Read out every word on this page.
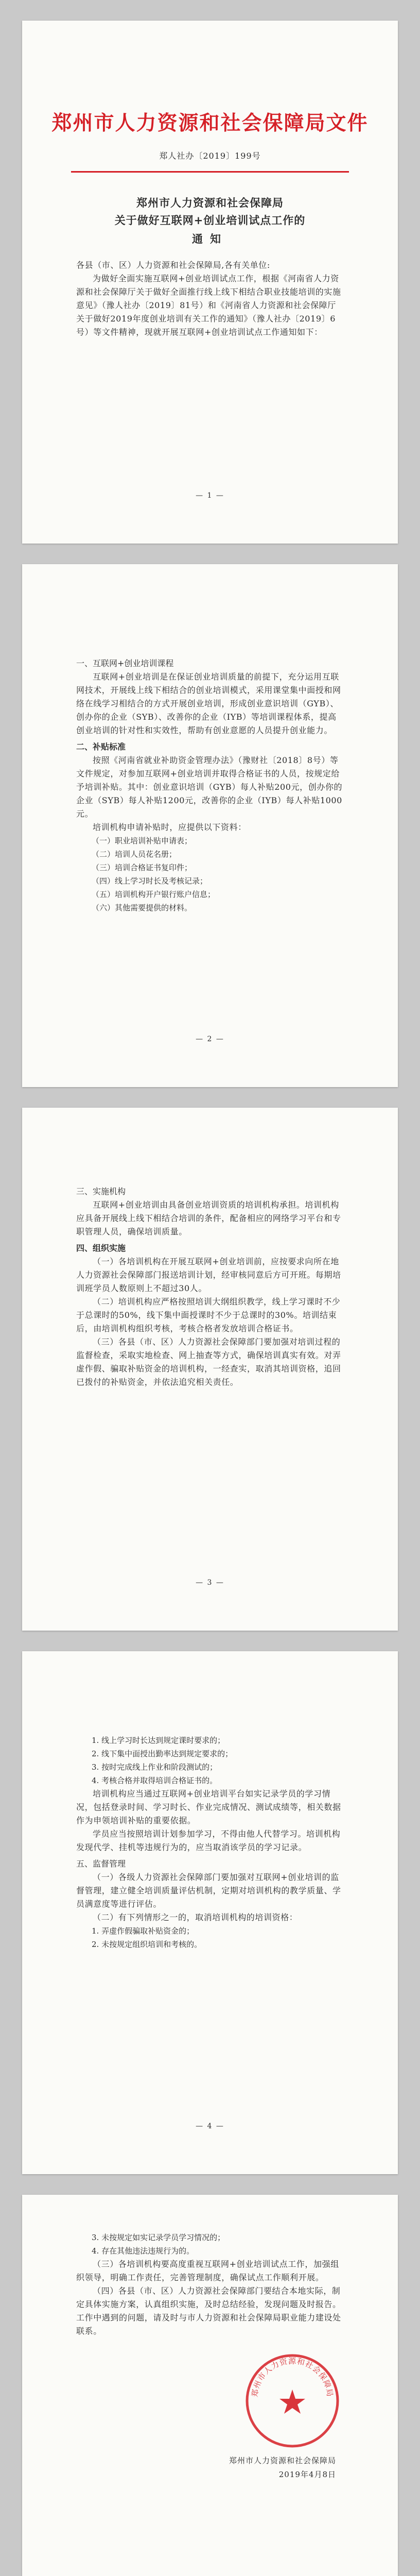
郑州市人力资源和社会保障局文件
郑人社办〔2019〕199号
郑州市人力资源和社会保障局
关于做好互联网+创业培训试点工作的
通知

各县（市、区）人力资源和社会保障局,各有关单位:

为做好全面实施互联网+创业培训试点工作，根据《河南省人力资源和社会保障厅关于做好全面推行线上线下相结合职业技能培训的实施意见》（豫人社办〔2019〕81号）和《河南省人力资源和社会保障厅关于做好2019年度创业培训有关工作的通知》（豫人社办〔2019〕6号）等文件精神，现就开展互联网+创业培训试点工作通知如下：

— 1 —

一、互联网+创业培训课程

互联网+创业培训是在保证创业培训质量的前提下，充分运用互联网技术，开展线上线下相结合的创业培训模式，采用课堂集中面授和网络在线学习相结合的方式开展创业培训，形成创业意识培训（GYB）、创办你的企业（SYB）、改善你的企业（IYB）等培训课程体系，提高创业培训的针对性和实效性，帮助有创业意愿的人员提升创业能力。

二、补贴标准

按照《河南省就业补助资金管理办法》（豫财社〔2018〕8号）等文件规定，对参加互联网+创业培训并取得合格证书的人员，按规定给予培训补贴。其中：创业意识培训（GYB）每人补贴200元，创办你的企业（SYB）每人补贴1200元，改善你的企业（IYB）每人补贴1000元。

培训机构申请补贴时，应提供以下资料：

（一）职业培训补贴申请表；

（二）培训人员花名册；

（三）培训合格证书复印件；

（四）线上学习时长及考核记录；

（五）培训机构开户银行账户信息；

（六）其他需要提供的材料。

— 2 —

三、实施机构

互联网+创业培训由具备创业培训资质的培训机构承担。培训机构应具备开展线上线下相结合培训的条件，配备相应的网络学习平台和专职管理人员，确保培训质量。

四、组织实施

（一）各培训机构在开展互联网+创业培训前，应按要求向所在地人力资源社会保障部门报送培训计划，经审核同意后方可开班。每期培训班学员人数原则上不超过30人。

（二）培训机构应严格按照培训大纲组织教学，线上学习课时不少于总课时的50%，线下集中面授课时不少于总课时的30%。培训结束后，由培训机构组织考核，考核合格者发放培训合格证书。

（三）各县（市、区）人力资源社会保障部门要加强对培训过程的监督检查，采取实地检查、网上抽查等方式，确保培训真实有效。对弄虚作假、骗取补贴资金的培训机构，一经查实，取消其培训资格，追回已拨付的补贴资金，并依法追究相关责任。

— 3 —

1. 线上学习时长达到规定课时要求的；

2. 线下集中面授出勤率达到规定要求的；

3. 按时完成线上作业和阶段测试的；

4. 考核合格并取得培训合格证书的。

培训机构应当通过互联网+创业培训平台如实记录学员的学习情况，包括登录时间、学习时长、作业完成情况、测试成绩等，相关数据作为申领培训补贴的重要依据。

学员应当按照培训计划参加学习，不得由他人代替学习。培训机构发现代学、挂机等违规行为的，应当取消该学员的学习记录。

五、监督管理

（一）各级人力资源社会保障部门要加强对互联网+创业培训的监督管理，建立健全培训质量评估机制，定期对培训机构的教学质量、学员满意度等进行评估。

（二）有下列情形之一的，取消培训机构的培训资格：

1. 弄虚作假骗取补贴资金的；

2. 未按规定组织培训和考核的。

— 4 —

3. 未按规定如实记录学员学习情况的；

4. 存在其他违法违规行为的。

（三）各培训机构要高度重视互联网+创业培训试点工作，加强组织领导，明确工作责任，完善管理制度，确保试点工作顺利开展。

（四）各县（市、区）人力资源社会保障部门要结合本地实际，制定具体实施方案，认真组织实施，及时总结经验，发现问题及时报告。工作中遇到的问题，请及时与市人力资源和社会保障局职业能力建设处联系。

郑州市人力资源和社会保障局
郑州市人力资源和社会保障局
2019年4月8日
